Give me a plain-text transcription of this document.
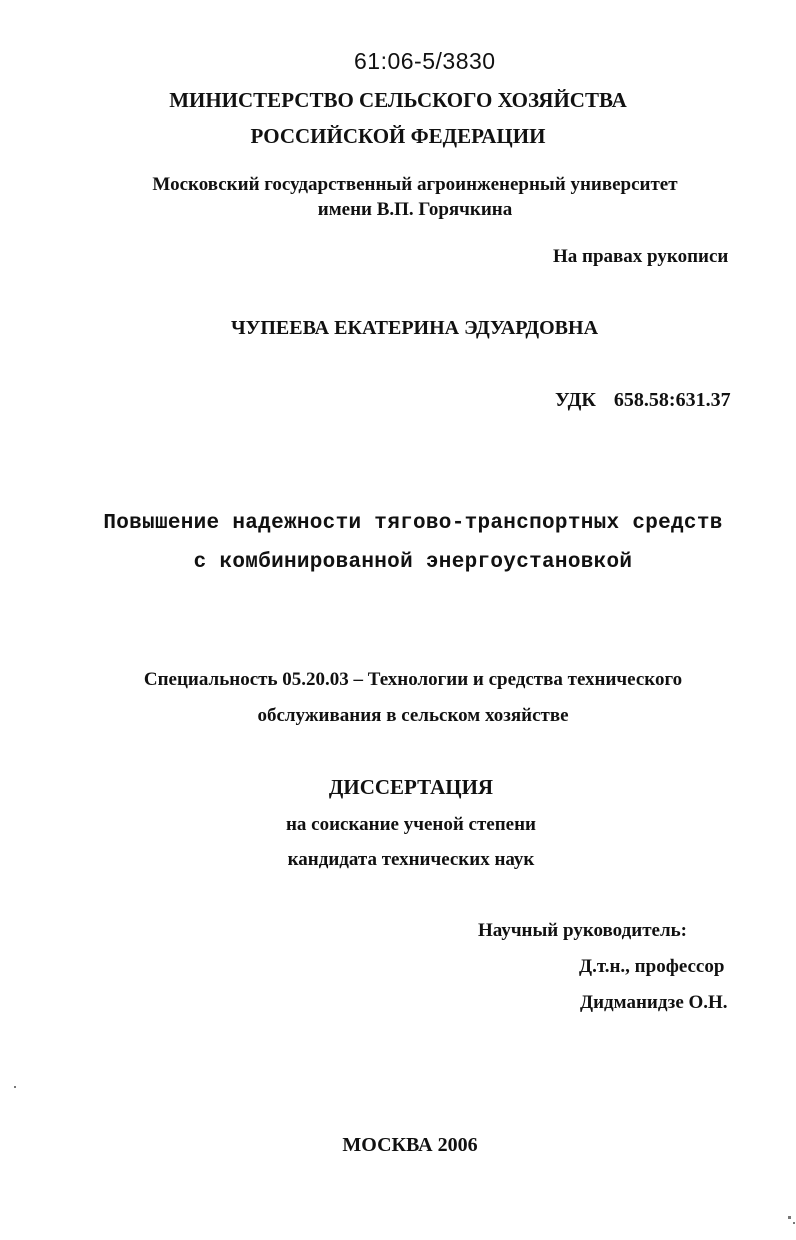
61:06-5/3830
МИНИСТЕРСТВО СЕЛЬСКОГО ХОЗЯЙСТВА
РОССИЙСКОЙ ФЕДЕРАЦИИ
Московский государственный агроинженерный университет
имени В.П. Горячкина
На правах рукописи
ЧУПЕЕВА ЕКАТЕРИНА ЭДУАРДОВНА
УДК 658.58:631.37
Повышение надежности тягово-транспортных средств
с комбинированной энергоустановкой
Специальность 05.20.03 – Технологии и средства технического
обслуживания в сельском хозяйстве
ДИССЕРТАЦИЯ
на соискание ученой степени
кандидата технических наук
Научный руководитель:
Д.т.н., профессор
Дидманидзе О.Н.
МОСКВА 2006
